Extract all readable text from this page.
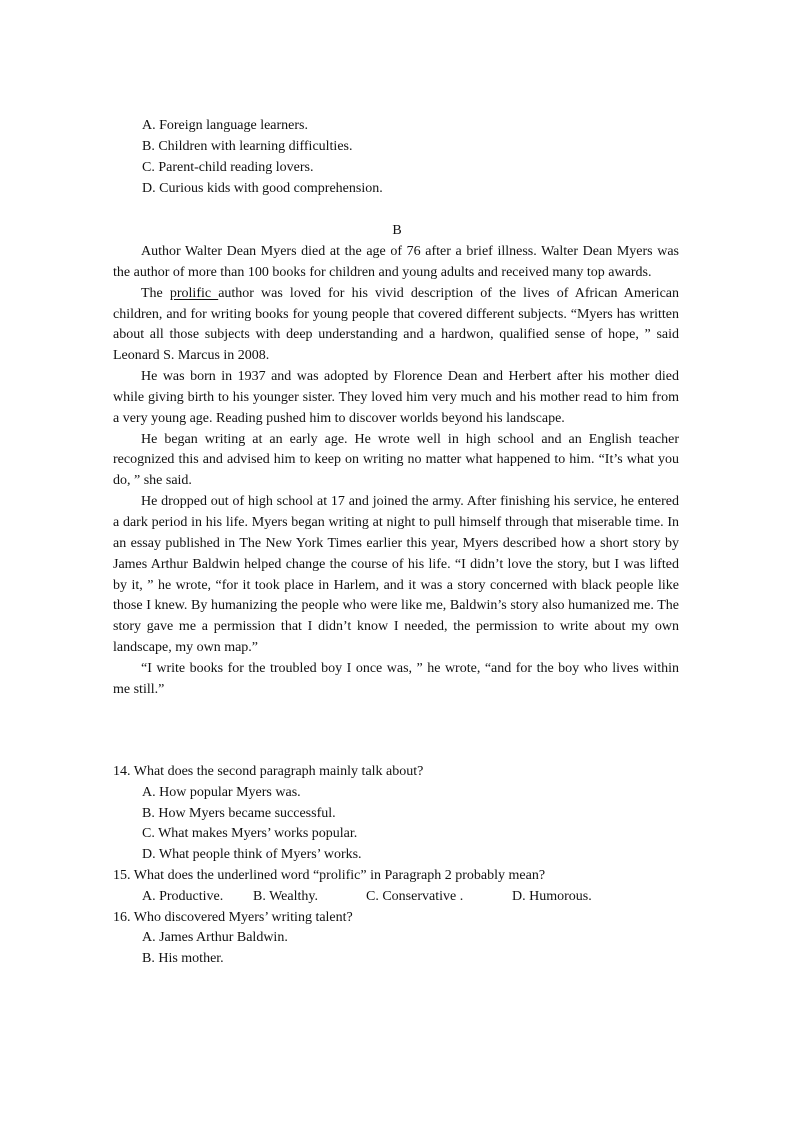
A. Foreign language learners.
B. Children with learning difficulties.
C. Parent-child reading lovers.
D. Curious kids with good comprehension.
B

Author Walter Dean Myers died at the age of 76 after a brief illness. Walter Dean Myers was the author of more than 100 books for children and young adults and received many top awards.

The prolific author was loved for his vivid description of the lives of African American children, and for writing books for young people that covered different subjects. “Myers has written about all those subjects with deep understanding and a hardwon, qualified sense of hope, ” said Leonard S. Marcus in 2008.

He was born in 1937 and was adopted by Florence Dean and Herbert after his mother died while giving birth to his younger sister. They loved him very much and his mother read to him from a very young age. Reading pushed him to discover worlds beyond his landscape.

He began writing at an early age. He wrote well in high school and an English teacher recognized this and advised him to keep on writing no matter what happened to him. “It’s what you do, ” she said.

He dropped out of high school at 17 and joined the army. After finishing his service, he entered a dark period in his life. Myers began writing at night to pull himself through that miserable time. In an essay published in The New York Times earlier this year, Myers described how a short story by James Arthur Baldwin helped change the course of his life. “I didn’t love the story, but I was lifted by it, ” he wrote, “for it took place in Harlem, and it was a story concerned with black people like those I knew. By humanizing the people who were like me, Baldwin’s story also humanized me. The story gave me a permission that I didn’t know I needed, the permission to write about my own landscape, my own map.”

“I write books for the troubled boy I once was, ” he wrote, “and for the boy who lives within me still.”

14. What does the second paragraph mainly talk about?
A. How popular Myers was.
B. How Myers became successful.
C. What makes Myers’ works popular.
D. What people think of Myers’ works.
15. What does the underlined word “prolific” in Paragraph 2 probably mean?
A. Productive.	B. Wealthy.	C. Conservative .	D. Humorous.
16. Who discovered Myers’ writing talent?
A. James Arthur Baldwin.
B. His mother.
